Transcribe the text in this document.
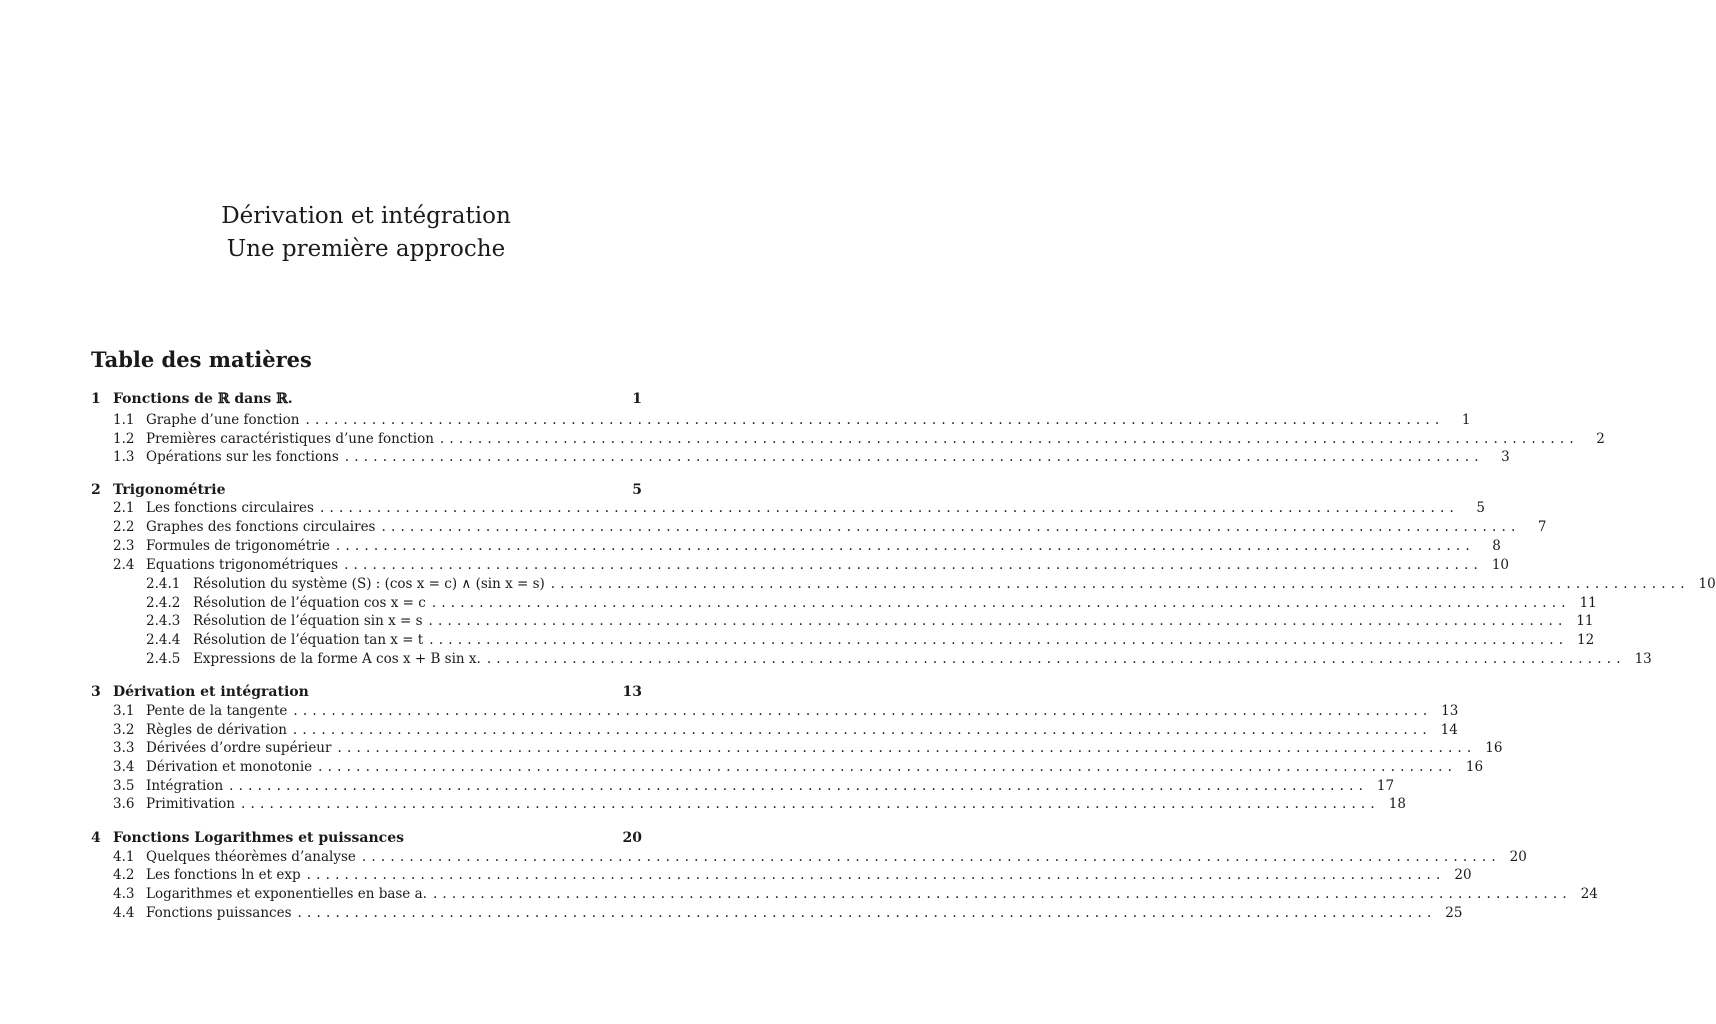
Dérivation et intégration
Une première approche
Table des matières
1 Fonctions de ℝ dans ℝ.	1
1.1 Graphe d’une fonction ........................................................................................................................	1
1.2 Premières caractéristiques d’une fonction ........................................................................................................................	2
1.3 Opérations sur les fonctions ........................................................................................................................	3
2 Trigonométrie	5
2.1 Les fonctions circulaires ........................................................................................................................	5
2.2 Graphes des fonctions circulaires ........................................................................................................................	7
2.3 Formules de trigonométrie ........................................................................................................................	8
2.4 Equations trigonométriques ........................................................................................................................ 10
2.4.1 Résolution du système (S) : (cos x = c) ∧ (sin x = s) ........................................................................................................................ 10
2.4.2 Résolution de l’équation cos x = c ........................................................................................................................ 11
2.4.3 Résolution de l’équation sin x = s ........................................................................................................................ 11
2.4.4 Résolution de l’équation tan x = t ........................................................................................................................ 12
2.4.5 Expressions de la forme A cos x + B sin x. ........................................................................................................................ 13
3 Dérivation et intégration	13
3.1 Pente de la tangente ........................................................................................................................ 13
3.2 Règles de dérivation ........................................................................................................................ 14
3.3 Dérivées d’ordre supérieur ........................................................................................................................ 16
3.4 Dérivation et monotonie ........................................................................................................................ 16
3.5 Intégration ........................................................................................................................ 17
3.6 Primitivation ........................................................................................................................ 18
4 Fonctions Logarithmes et puissances	20
4.1 Quelques théorèmes d’analyse ........................................................................................................................ 20
4.2 Les fonctions ln et exp ........................................................................................................................ 20
4.3 Logarithmes et exponentielles en base a. ........................................................................................................................ 24
4.4 Fonctions puissances ........................................................................................................................ 25
